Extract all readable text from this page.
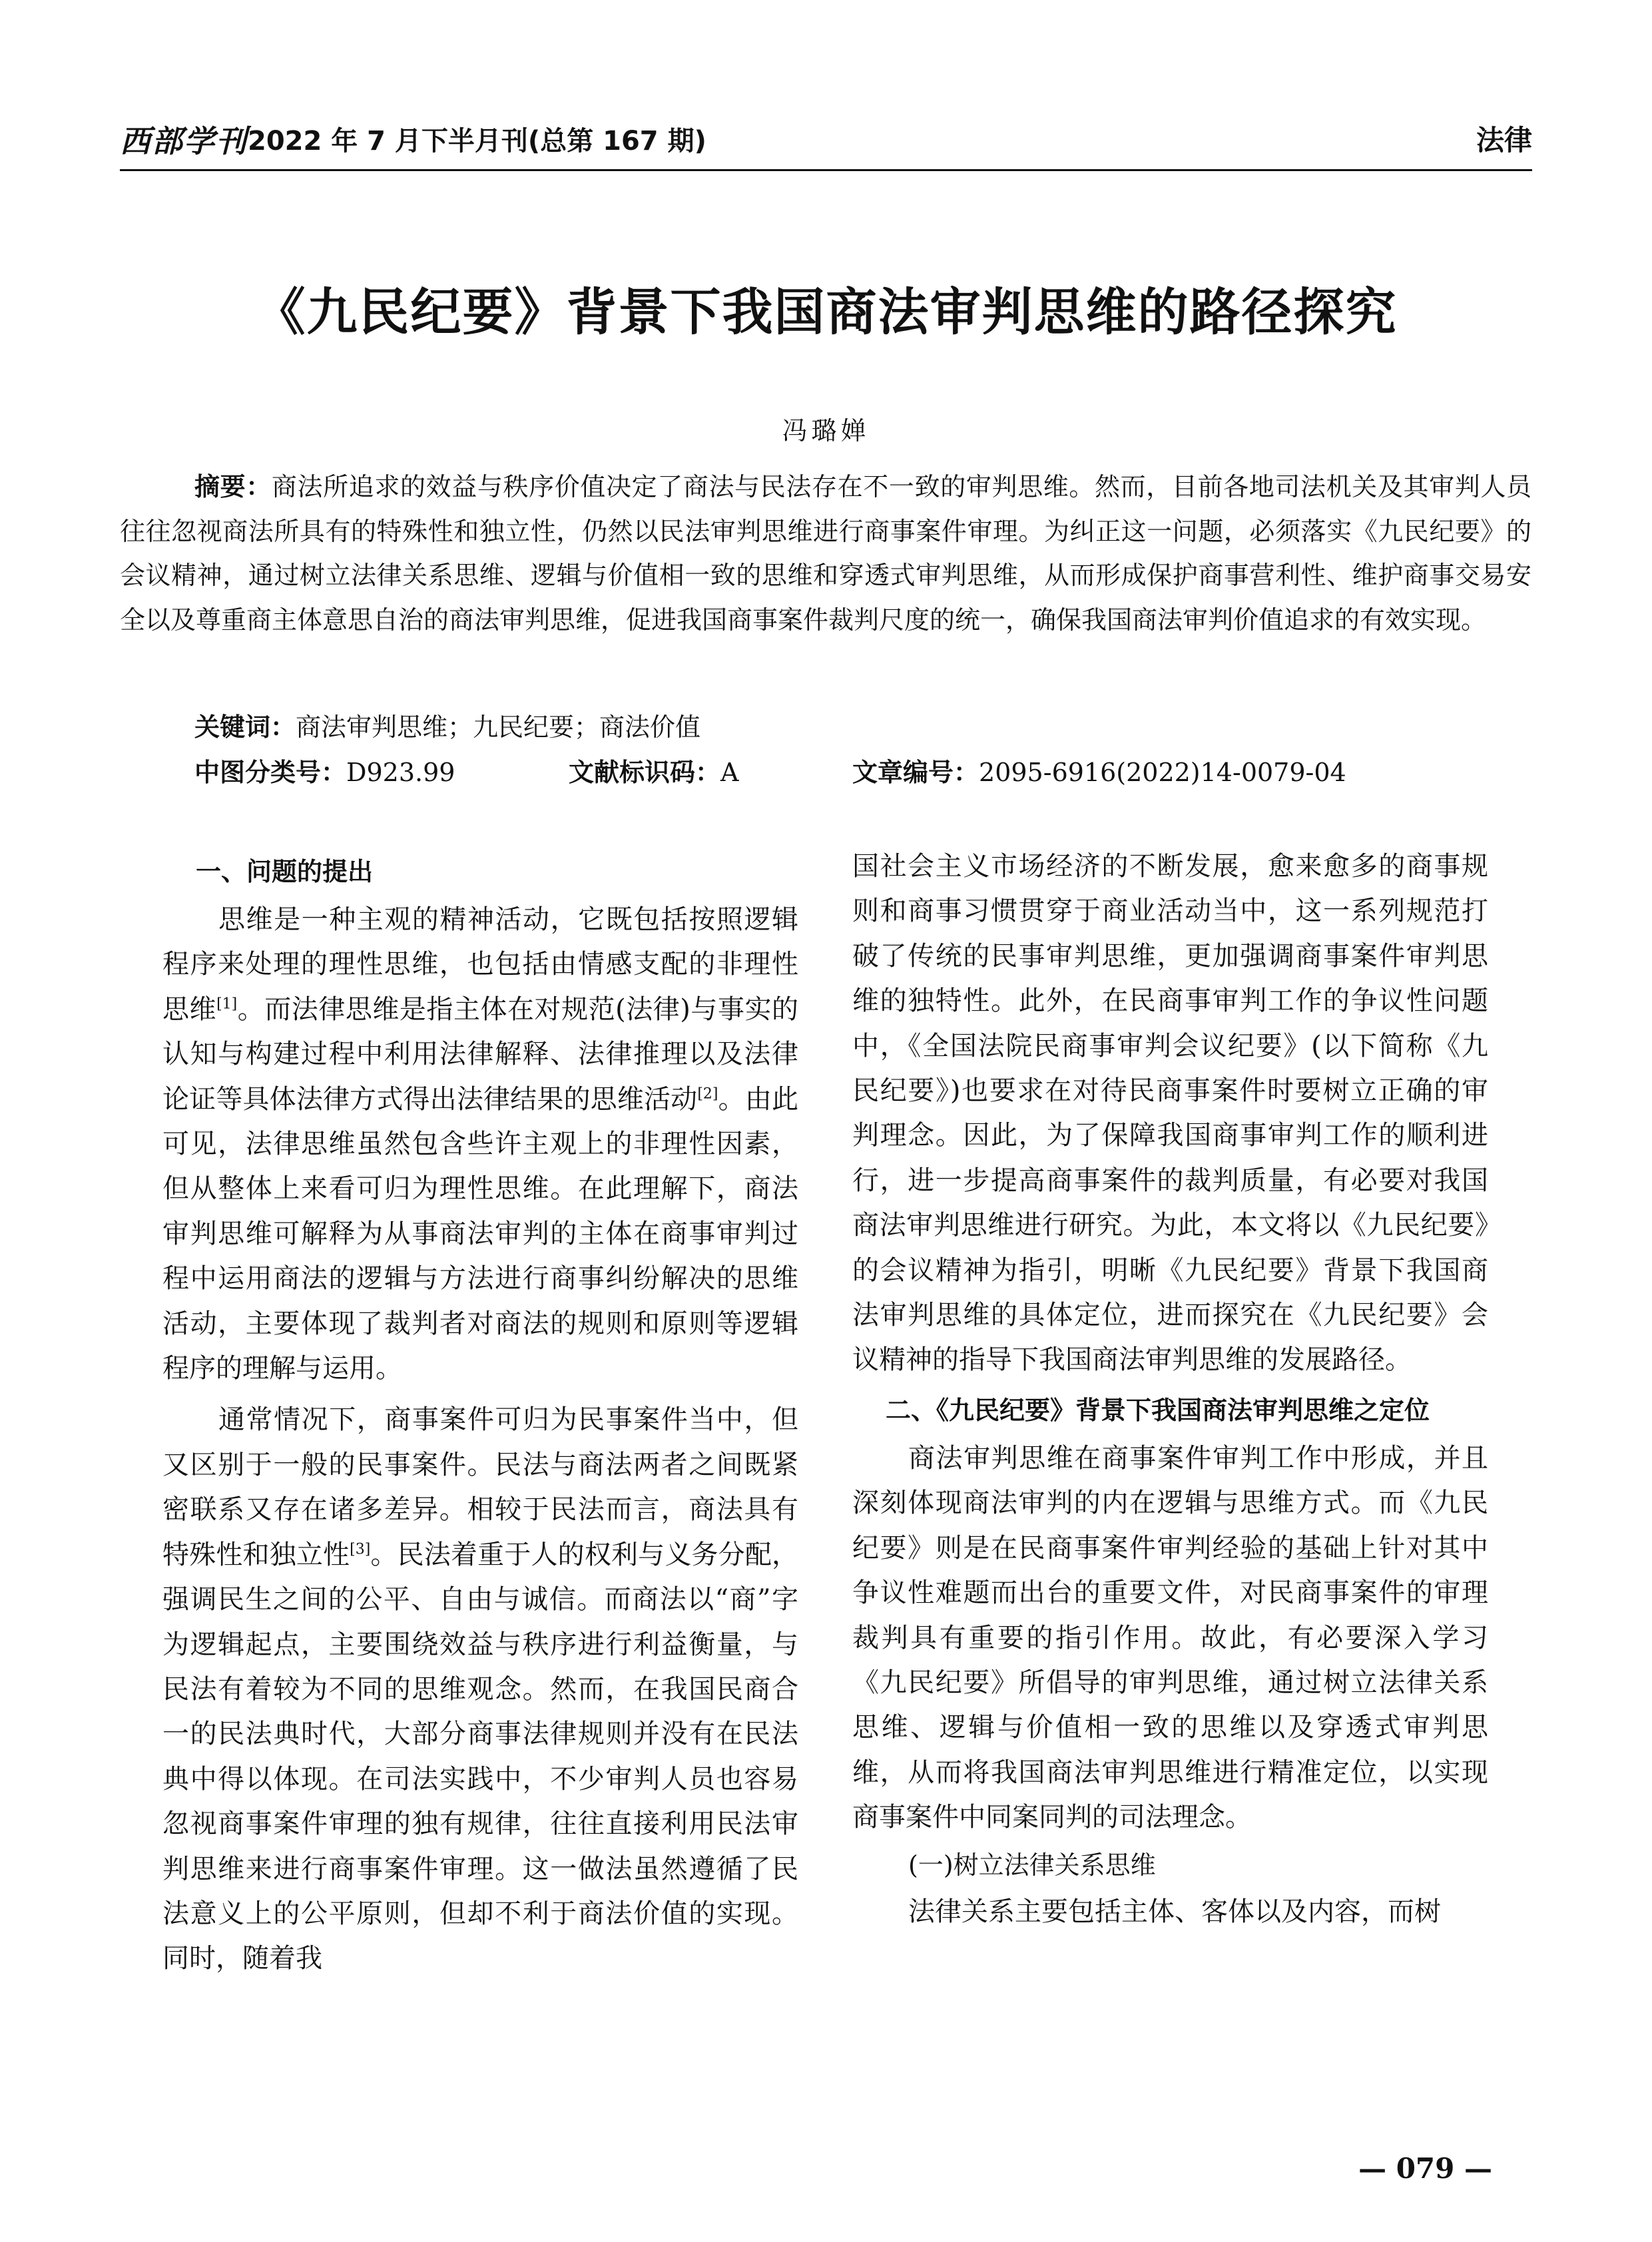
西部学刊 2022 年 7 月下半月刊(总第 167 期)	法律
《九民纪要》背景下我国商法审判思维的路径探究
冯璐婵

摘要：商法所追求的效益与秩序价值决定了商法与民法存在不一致的审判思维。然而，目前各地司法机关及其审判人员往往忽视商法所具有的特殊性和独立性，仍然以民法审判思维进行商事案件审理。为纠正这一问题，必须落实《九民纪要》的会议精神，通过树立法律关系思维、逻辑与价值相一致的思维和穿透式审判思维，从而形成保护商事营利性、维护商事交易安全以及尊重商主体意思自治的商法审判思维，促进我国商事案件裁判尺度的统一，确保我国商法审判价值追求的有效实现。

关键词：商法审判思维；九民纪要；商法价值
中图分类号：D923.99	文献标识码：A	文章编号：2095-6916(2022)14-0079-04
一、问题的提出

思维是一种主观的精神活动，它既包括按照逻辑程序来处理的理性思维，也包括由情感支配的非理性思维[1]。而法律思维是指主体在对规范(法律)与事实的认知与构建过程中利用法律解释、法律推理以及法律论证等具体法律方式得出法律结果的思维活动[2]。由此可见，法律思维虽然包含些许主观上的非理性因素，但从整体上来看可归为理性思维。在此理解下，商法审判思维可解释为从事商法审判的主体在商事审判过程中运用商法的逻辑与方法进行商事纠纷解决的思维活动，主要体现了裁判者对商法的规则和原则等逻辑程序的理解与运用。

通常情况下，商事案件可归为民事案件当中，但又区别于一般的民事案件。民法与商法两者之间既紧密联系又存在诸多差异。相较于民法而言，商法具有特殊性和独立性[3]。民法着重于人的权利与义务分配，强调民生之间的公平、自由与诚信。而商法以“商”字为逻辑起点，主要围绕效益与秩序进行利益衡量，与民法有着较为不同的思维观念。然而，在我国民商合一的民法典时代，大部分商事法律规则并没有在民法典中得以体现。在司法实践中，不少审判人员也容易忽视商事案件审理的独有规律，往往直接利用民法审判思维来进行商事案件审理。这一做法虽然遵循了民法意义上的公平原则，但却不利于商法价值的实现。同时，随着我

国社会主义市场经济的不断发展，愈来愈多的商事规则和商事习惯贯穿于商业活动当中，这一系列规范打破了传统的民事审判思维，更加强调商事案件审判思维的独特性。此外，在民商事审判工作的争议性问题中，《全国法院民商事审判会议纪要》(以下简称《九民纪要》)也要求在对待民商事案件时要树立正确的审判理念。因此，为了保障我国商事审判工作的顺利进行，进一步提高商事案件的裁判质量，有必要对我国商法审判思维进行研究。为此，本文将以《九民纪要》的会议精神为指引，明晰《九民纪要》背景下我国商法审判思维的具体定位，进而探究在《九民纪要》会议精神的指导下我国商法审判思维的发展路径。

二、《九民纪要》背景下我国商法审判思维之定位

商法审判思维在商事案件审判工作中形成，并且深刻体现商法审判的内在逻辑与思维方式。而《九民纪要》则是在民商事案件审判经验的基础上针对其中争议性难题而出台的重要文件，对民商事案件的审理裁判具有重要的指引作用。故此，有必要深入学习《九民纪要》所倡导的审判思维，通过树立法律关系思维、逻辑与价值相一致的思维以及穿透式审判思维，从而将我国商法审判思维进行精准定位，以实现商事案件中同案同判的司法理念。

(一)树立法律关系思维

法律关系主要包括主体、客体以及内容，而树

— 079 —
